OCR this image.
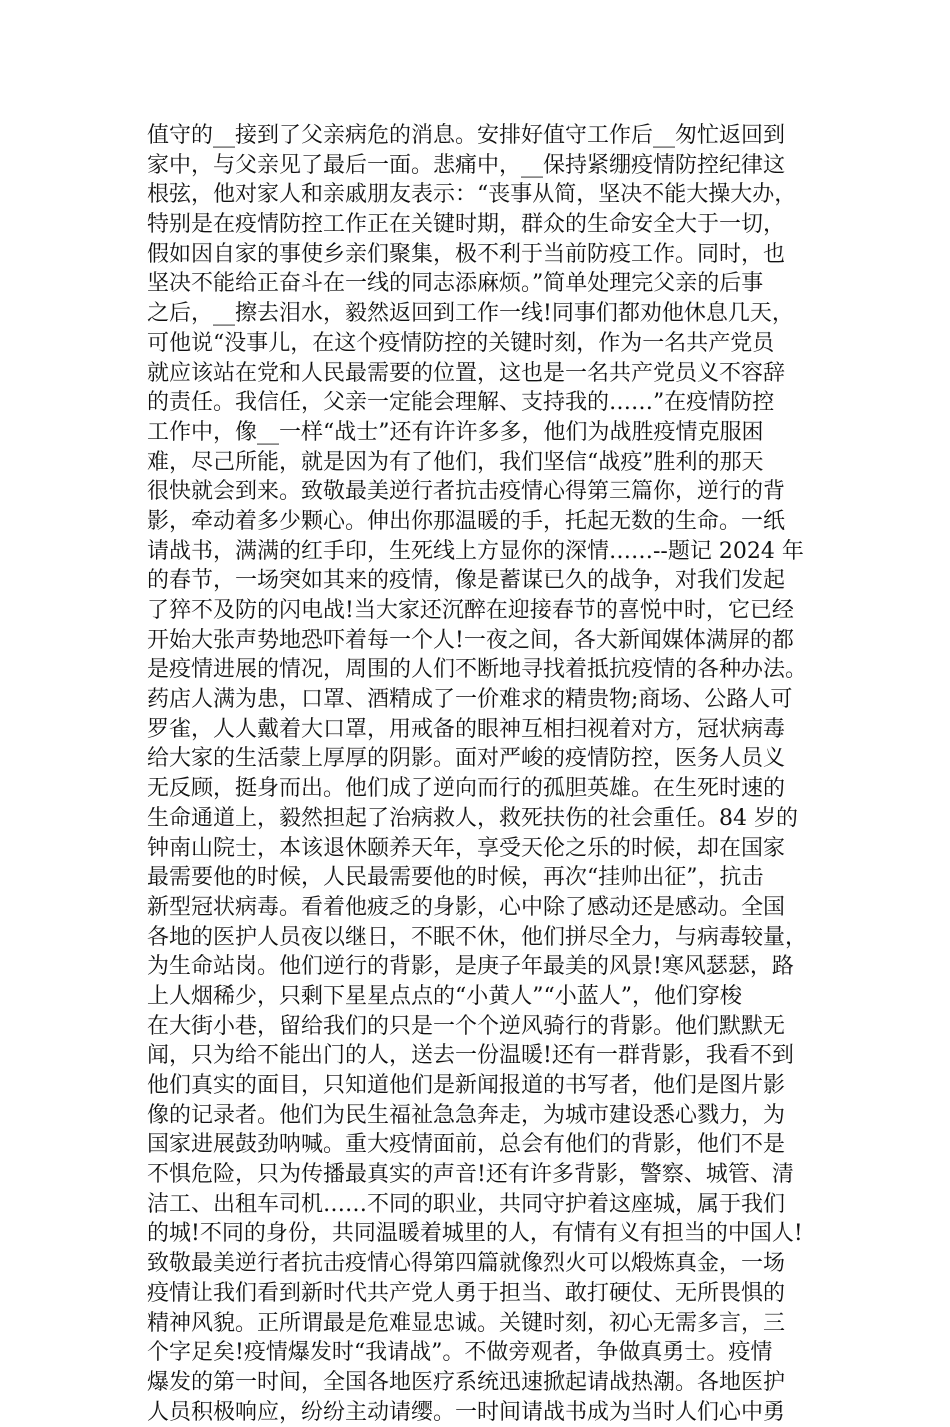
值守的__接到了父亲病危的消息。安排好值守工作后__匆忙返回到
家中，与父亲见了最后一面。悲痛中，__保持紧绷疫情防控纪律这
根弦，他对家人和亲戚朋友表示：“丧事从简，坚决不能大操大办，
特别是在疫情防控工作正在关键时期，群众的生命安全大于一切，
假如因自家的事使乡亲们聚集，极不利于当前防疫工作。同时，也
坚决不能给正奋斗在一线的同志添麻烦。”简单处理完父亲的后事
之后，__擦去泪水，毅然返回到工作一线!同事们都劝他休息几天，
可他说“没事儿，在这个疫情防控的关键时刻，作为一名共产党员
就应该站在党和人民最需要的位置，这也是一名共产党员义不容辞
的责任。我信任，父亲一定能会理解、支持我的……”在疫情防控
工作中，像__一样“战士”还有许许多多，他们为战胜疫情克服困
难，尽己所能，就是因为有了他们，我们坚信“战疫”胜利的那天
很快就会到来。致敬最美逆行者抗击疫情心得第三篇你，逆行的背
影，牵动着多少颗心。伸出你那温暖的手，托起无数的生命。一纸
请战书，满满的红手印，生死线上方显你的深情……--题记 2024 年
的春节，一场突如其来的疫情，像是蓄谋已久的战争，对我们发起
了猝不及防的闪电战!当大家还沉醉在迎接春节的喜悦中时，它已经
开始大张声势地恐吓着每一个人!一夜之间，各大新闻媒体满屏的都
是疫情进展的情况，周围的人们不断地寻找着抵抗疫情的各种办法。
药店人满为患，口罩、酒精成了一价难求的精贵物;商场、公路人可
罗雀，人人戴着大口罩，用戒备的眼神互相扫视着对方，冠状病毒
给大家的生活蒙上厚厚的阴影。面对严峻的疫情防控，医务人员义
无反顾，挺身而出。他们成了逆向而行的孤胆英雄。在生死时速的
生命通道上，毅然担起了治病救人，救死扶伤的社会重任。84 岁的
钟南山院士，本该退休颐养天年，享受天伦之乐的时候，却在国家
最需要他的时候，人民最需要他的时候，再次“挂帅出征”，抗击
新型冠状病毒。看着他疲乏的身影，心中除了感动还是感动。全国
各地的医护人员夜以继日，不眠不休，他们拼尽全力，与病毒较量，
为生命站岗。他们逆行的背影，是庚子年最美的风景!寒风瑟瑟，路
上人烟稀少，只剩下星星点点的“小黄人”“小蓝人”，他们穿梭
在大街小巷，留给我们的只是一个个逆风骑行的背影。他们默默无
闻，只为给不能出门的人，送去一份温暖!还有一群背影，我看不到
他们真实的面目，只知道他们是新闻报道的书写者，他们是图片影
像的记录者。他们为民生福祉急急奔走，为城市建设悉心戮力，为
国家进展鼓劲呐喊。重大疫情面前，总会有他们的背影，他们不是
不惧危险，只为传播最真实的声音!还有许多背影，警察、城管、清
洁工、出租车司机……不同的职业，共同守护着这座城，属于我们
的城!不同的身份，共同温暖着城里的人，有情有义有担当的中国人!
致敬最美逆行者抗击疫情心得第四篇就像烈火可以煅炼真金，一场
疫情让我们看到新时代共产党人勇于担当、敢打硬仗、无所畏惧的
精神风貌。正所谓最是危难显忠诚。关键时刻，初心无需多言，三
个字足矣!疫情爆发时“我请战”。不做旁观者，争做真勇士。疫情
爆发的第一时间，全国各地医疗系统迅速掀起请战热潮。各地医护
人员积极响应，纷纷主动请缨。一时间请战书成为当时人们心中勇
